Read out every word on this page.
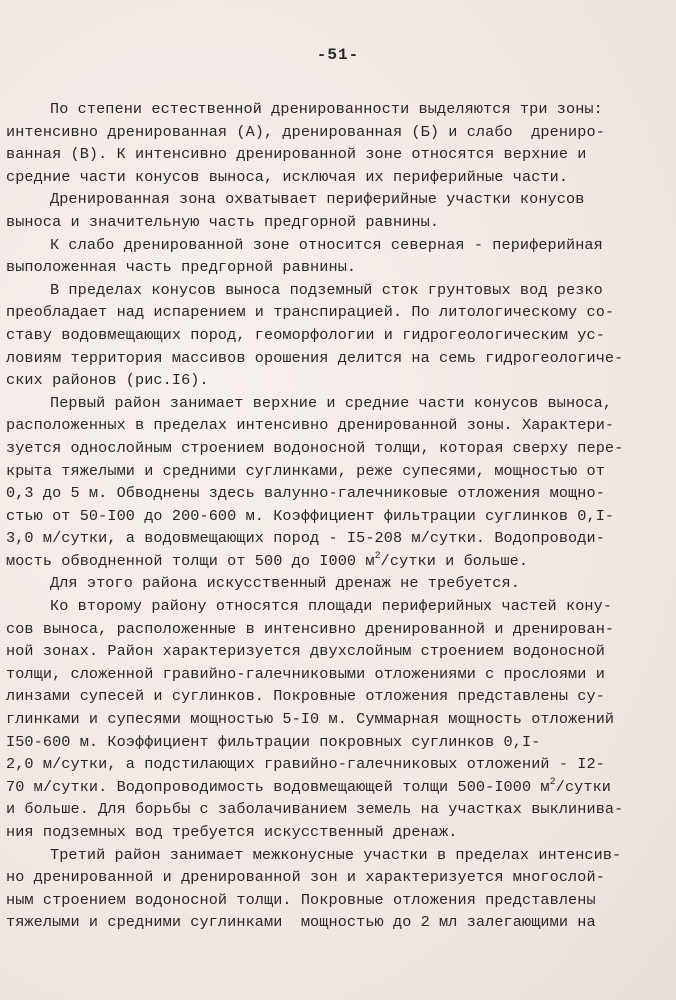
-51-
По степени естественной дренированности выделяются три зоны:
интенсивно дренированная (А), дренированная (Б) и слабо  дрениро-
ванная (В). К интенсивно дренированной зоне относятся верхние и
средние части конусов выноса, исключая их периферийные части.
Дренированная зона охватывает периферийные участки конусов
выноса и значительную часть предгорной равнины.
К слабо дренированной зоне относится северная - периферийная
выположенная часть предгорной равнины.
В пределах конусов выноса подземный сток грунтовых вод резко
преобладает над испарением и транспирацией. По литологическому со-
ставу водовмещающих пород, геоморфологии и гидрогеологическим ус-
ловиям территория массивов орошения делится на семь гидрогеологиче-
ских районов (рис.I6).
Первый район занимает верхние и средние части конусов выноса,
расположенных в пределах интенсивно дренированной зоны. Характери-
зуется однослойным строением водоносной толщи, которая сверху пере-
крыта тяжелыми и средними суглинками, реже супесями, мощностью от
0,3 до 5 м. Обводнены здесь валунно-галечниковые отложения мощно-
стью от 50-I00 до 200-600 м. Коэффициент фильтрации суглинков 0,I-
3,0 м/сутки, а водовмещающих пород - I5-208 м/сутки. Водопроводи-
мость обводненной толщи от 500 до I000 $м^2$/сутки и больше.
Для этого района искусственный дренаж не требуется.
Ко второму району относятся площади периферийных частей кону-
сов выноса, расположенные в интенсивно дренированной и дренирован-
ной зонах. Район характеризуется двухслойным строением водоносной
толщи, сложенной гравийно-галечниковыми отложениями с прослоями и
линзами супесей и суглинков. Покровные отложения представлены су-
глинками и супесями мощностью 5-I0 м. Суммарная мощность отложений
I50-600 м. Коэффициент фильтрации покровных суглинков 0,I-
2,0 м/сутки, а подстилающих гравийно-галечниковых отложений - I2-
70 м/сутки. Водопроводимость водовмещающей толщи 500-I000 $м^2$/сутки
и больше. Для борьбы с заболачиванием земель на участках выклинива-
ния подземных вод требуется искусственный дренаж.
Третий район занимает межконусные участки в пределах интенсив-
но дренированной и дренированной зон и характеризуется многослой-
ным строением водоносной толщи. Покровные отложения представлены
тяжелыми и средними суглинками  мощностью до 2 мл залегающими на
